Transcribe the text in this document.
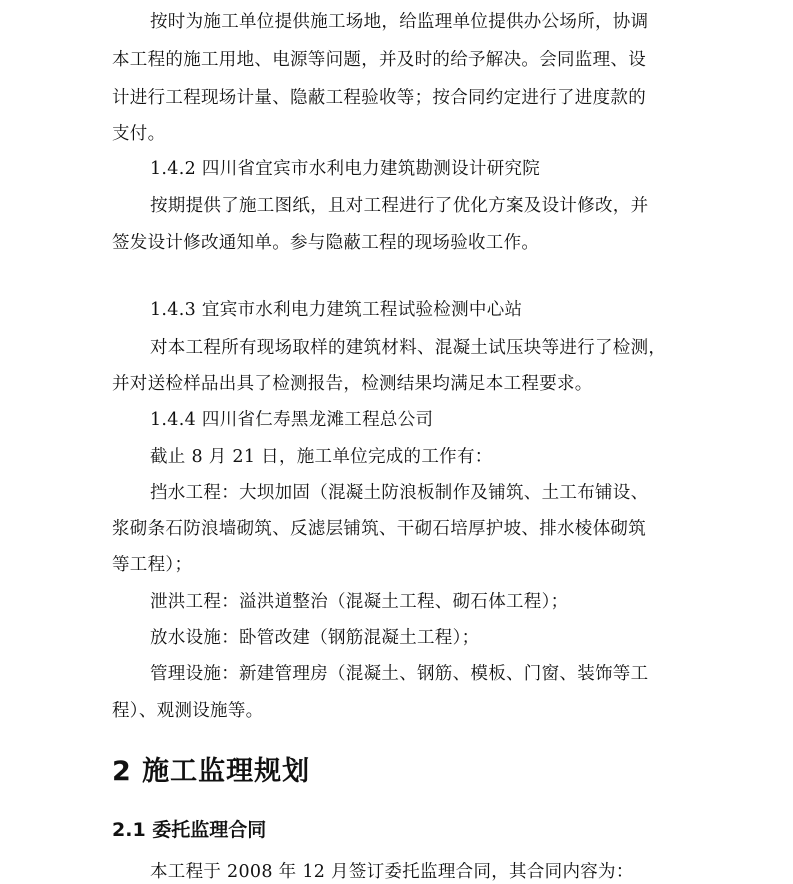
按时为施工单位提供施工场地，给监理单位提供办公场所，协调
本工程的施工用地、电源等问题，并及时的给予解决。会同监理、设
计进行工程现场计量、隐蔽工程验收等；按合同约定进行了进度款的
支付。
1.4.2 四川省宜宾市水利电力建筑勘测设计研究院
按期提供了施工图纸，且对工程进行了优化方案及设计修改，并
签发设计修改通知单。参与隐蔽工程的现场验收工作。
1.4.3 宜宾市水利电力建筑工程试验检测中心站
对本工程所有现场取样的建筑材料、混凝土试压块等进行了检测，
并对送检样品出具了检测报告，检测结果均满足本工程要求。
1.4.4 四川省仁寿黑龙滩工程总公司
截止 8 月 21 日，施工单位完成的工作有：
挡水工程：大坝加固（混凝土防浪板制作及铺筑、土工布铺设、
浆砌条石防浪墙砌筑、反滤层铺筑、干砌石培厚护坡、排水棱体砌筑
等工程）；
泄洪工程：溢洪道整治（混凝土工程、砌石体工程）；
放水设施：卧管改建（钢筋混凝土工程）；
管理设施：新建管理房（混凝土、钢筋、模板、门窗、装饰等工
程）、观测设施等。
2 施工监理规划
2.1 委托监理合同
本工程于 2008 年 12 月签订委托监理合同，其合同内容为：
